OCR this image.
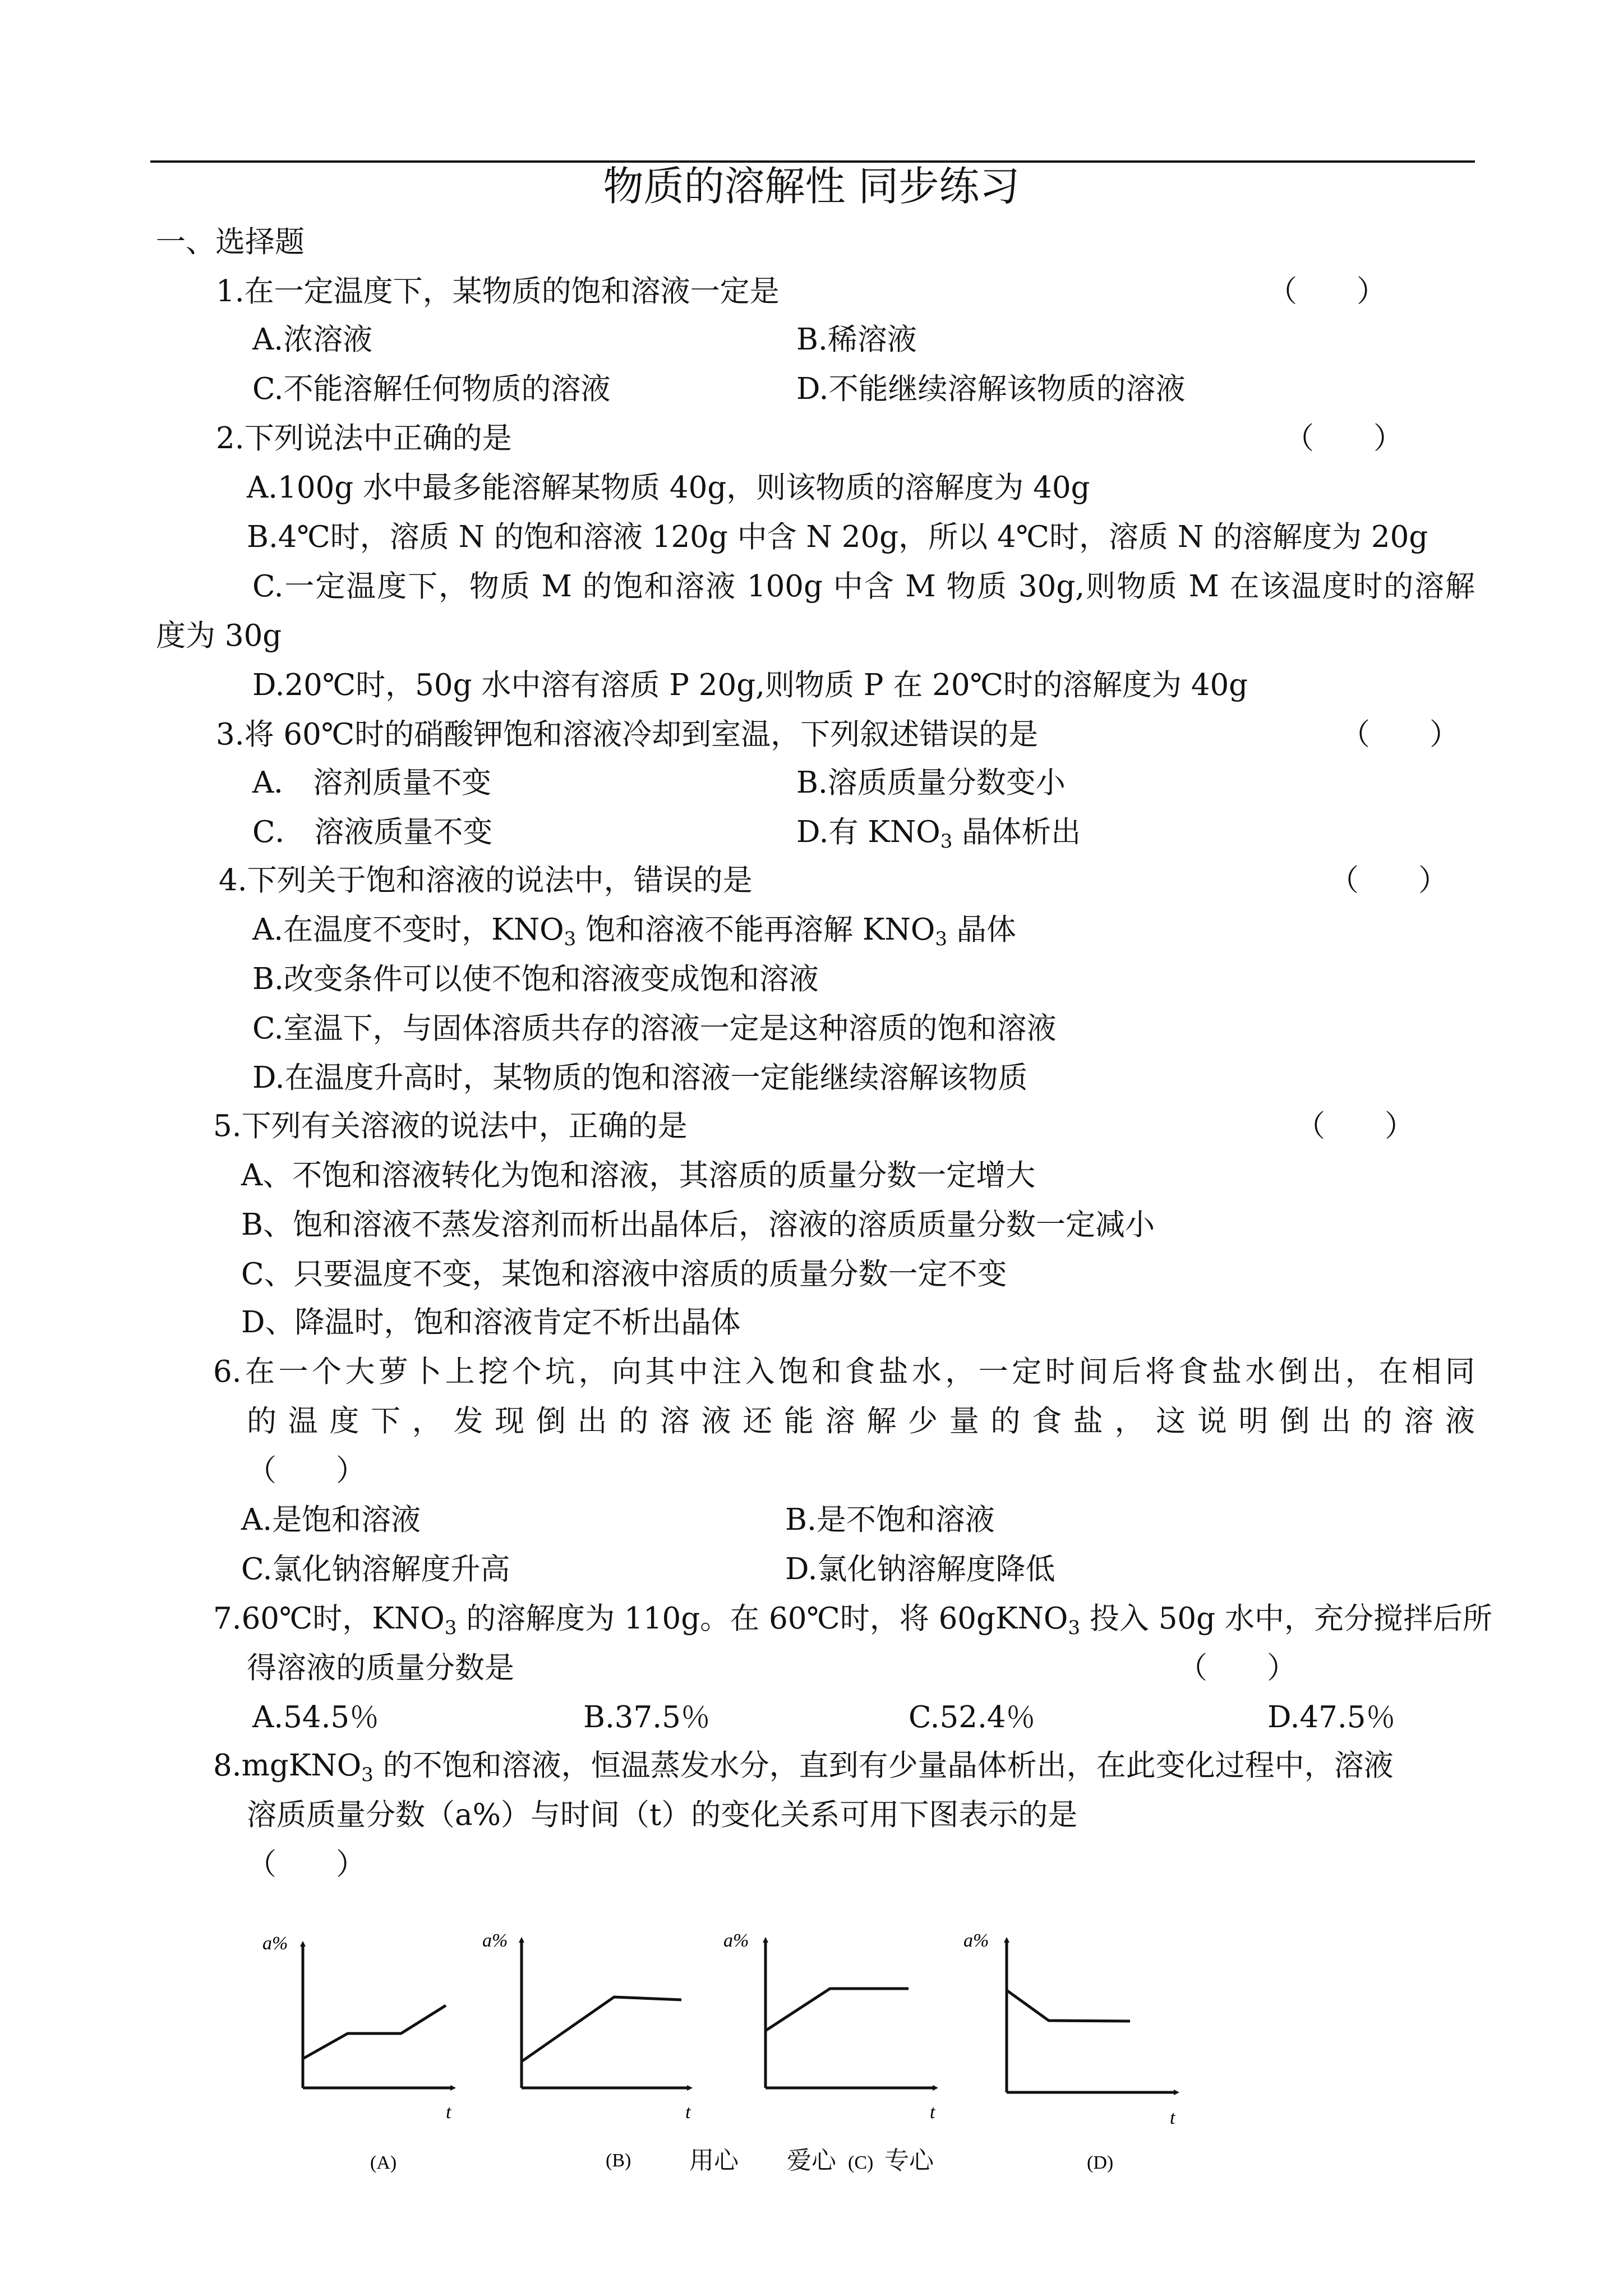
物质的溶解性 同步练习
一、选择题
1.在一定温度下，某物质的饱和溶液一定是	（　　）
A.浓溶液	B.稀溶液
C.不能溶解任何物质的溶液	D.不能继续溶解该物质的溶液
2.下列说法中正确的是	（　　）
A.100g 水中最多能溶解某物质 40g，则该物质的溶解度为 40g
B.4℃时，溶质 N 的饱和溶液 120g 中含 N 20g，所以 4℃时，溶质 N 的溶解度为 20g
C.一定温度下，物质 M 的饱和溶液 100g 中含 M 物质 30g,则物质 M 在该温度时的溶解
度为 30g
D.20℃时，50g 水中溶有溶质 P 20g,则物质 P 在 20℃时的溶解度为 40g
3.将 60℃时的硝酸钾饱和溶液冷却到室温，下列叙述错误的是	（　　）
A． 溶剂质量不变	B.溶质质量分数变小
C． 溶液质量不变	D.有 $KNO_3$ 晶体析出
4.下列关于饱和溶液的说法中，错误的是	（　　）
A.在温度不变时，$KNO_3$ 饱和溶液不能再溶解 $KNO_3$ 晶体
B.改变条件可以使不饱和溶液变成饱和溶液
C.室温下，与固体溶质共存的溶液一定是这种溶质的饱和溶液
D.在温度升高时，某物质的饱和溶液一定能继续溶解该物质
5.下列有关溶液的说法中，正确的是	（　　）
A、不饱和溶液转化为饱和溶液，其溶质的质量分数一定增大
B、饱和溶液不蒸发溶剂而析出晶体后，溶液的溶质质量分数一定减小
C、只要温度不变，某饱和溶液中溶质的质量分数一定不变
D、降温时，饱和溶液肯定不析出晶体
6.在一个大萝卜上挖个坑，向其中注入饱和食盐水，一定时间后将食盐水倒出，在相同
的温度下，发现倒出的溶液还能溶解少量的食盐，这说明倒出的溶液
（　　）
A.是饱和溶液	B.是不饱和溶液
C.氯化钠溶解度升高	D.氯化钠溶解度降低
7.60℃时，$KNO_3$ 的溶解度为 110g。在 60℃时，将 60gKNO$_3$ 投入 50g 水中，充分搅拌后所
得溶液的质量分数是	（　　）
A.54.5％	B.37.5％	C.52.4％	D.47.5％
8.mgKNO$_3$ 的不饱和溶液，恒温蒸发水分，直到有少量晶体析出，在此变化过程中，溶液
溶质质量分数（a%）与时间（t）的变化关系可用下图表示的是
（　　）
a%
t
(A)
a%
t
(B)
a%
t
(C)
a%
t
(D)
用心 爱心 专心
